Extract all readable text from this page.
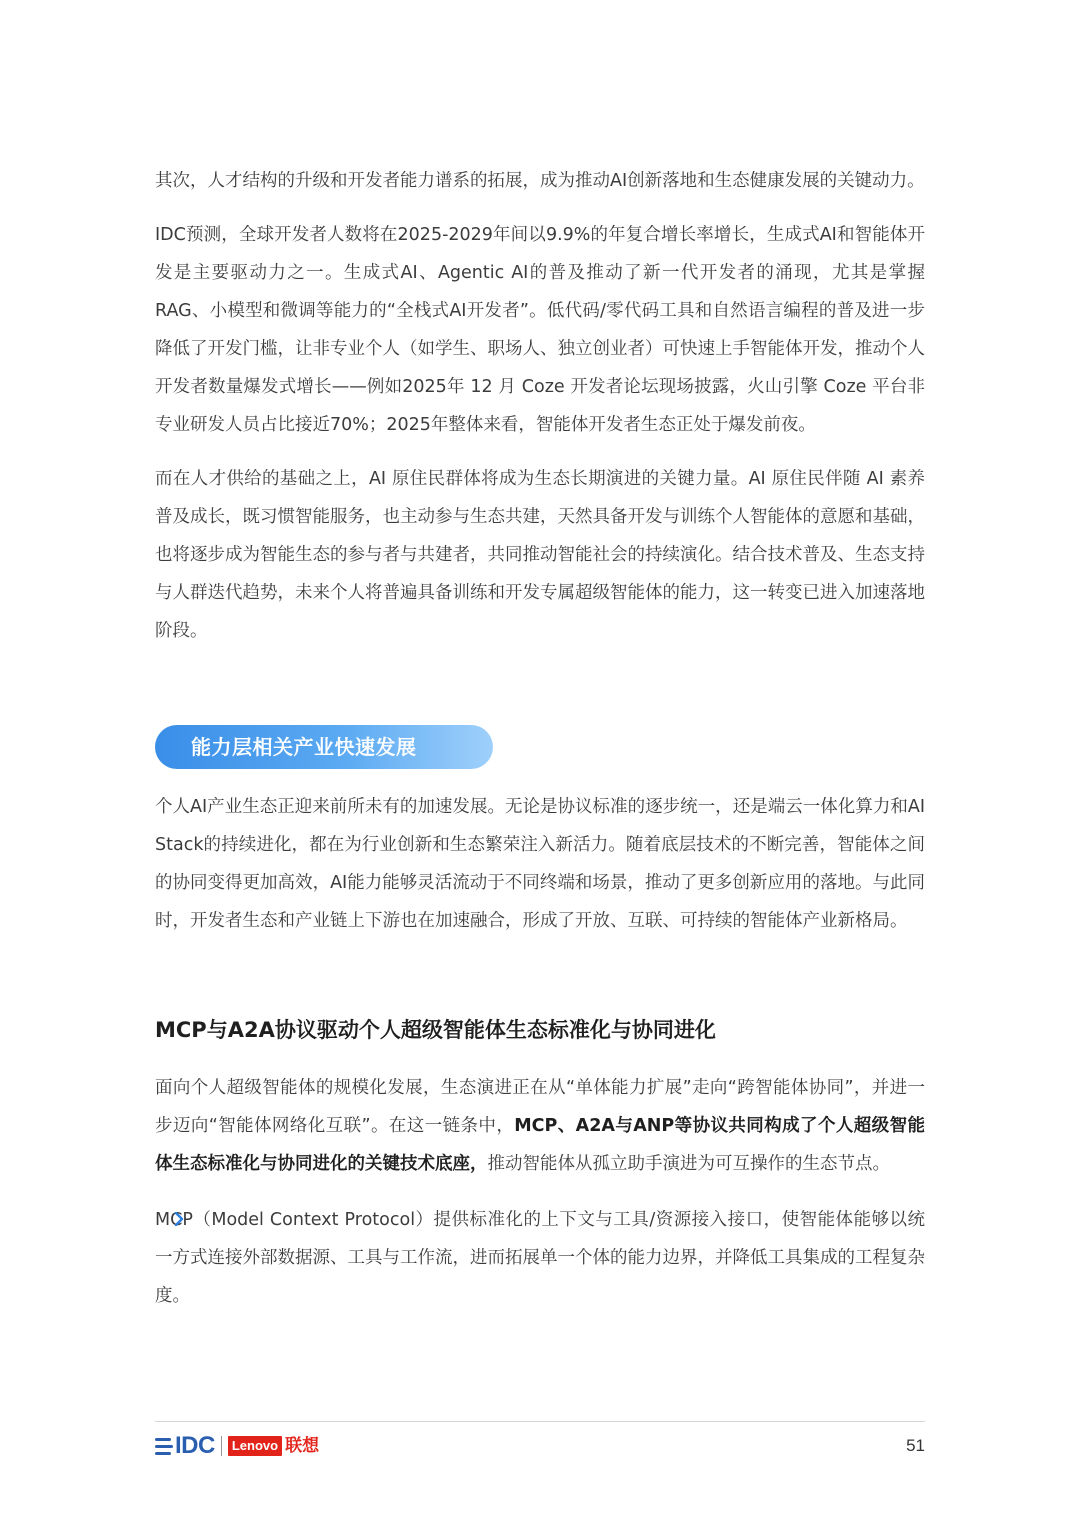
其次，人才结构的升级和开发者能力谱系的拓展，成为推动AI创新落地和生态健康发展的关键动力。

IDC预测，全球开发者人数将在2025-2029年间以9.9%的年复合增长率增长，生成式AI和智能体开发是主要驱动力之一。生成式AI、Agentic AI的普及推动了新一代开发者的涌现，尤其是掌握RAG、小模型和微调等能力的“全栈式AI开发者”。低代码/零代码工具和自然语言编程的普及进一步降低了开发门槛，让非专业个人（如学生、职场人、独立创业者）可快速上手智能体开发，推动个人开发者数量爆发式增长——例如2025年 12 月 Coze 开发者论坛现场披露，火山引擎 Coze 平台非专业研发人员占比接近70%；2025年整体来看，智能体开发者生态正处于爆发前夜。

而在人才供给的基础之上，AI 原住民群体将成为生态长期演进的关键力量。AI 原住民伴随 AI 素养普及成长，既习惯智能服务，也主动参与生态共建，天然具备开发与训练个人智能体的意愿和基础，也将逐步成为智能生态的参与者与共建者，共同推动智能社会的持续演化。结合技术普及、生态支持与人群迭代趋势，未来个人将普遍具备训练和开发专属超级智能体的能力，这一转变已进入加速落地阶段。

能力层相关产业快速发展

个人AI产业生态正迎来前所未有的加速发展。无论是协议标准的逐步统一，还是端云一体化算力和AI Stack的持续进化，都在为行业创新和生态繁荣注入新活力。随着底层技术的不断完善，智能体之间的协同变得更加高效，AI能力能够灵活流动于不同终端和场景，推动了更多创新应用的落地。与此同时，开发者生态和产业链上下游也在加速融合，形成了开放、互联、可持续的智能体产业新格局。

MCP与A2A协议驱动个人超级智能体生态标准化与协同进化

面向个人超级智能体的规模化发展，生态演进正在从“单体能力扩展”走向“跨智能体协同”，并进一步迈向“智能体网络化互联”。在这一链条中，MCP、A2A与ANP等协议共同构成了个人超级智能体生态标准化与协同进化的关键技术底座，推动智能体从孤立助手演进为可互操作的生态节点。

MCP（Model Context Protocol）提供标准化的上下文与工具/资源接入接口，使智能体能够以统一方式连接外部数据源、工具与工作流，进而拓展单一个体的能力边界，并降低工具集成的工程复杂度。

IDC	Lenovo 联想	51
